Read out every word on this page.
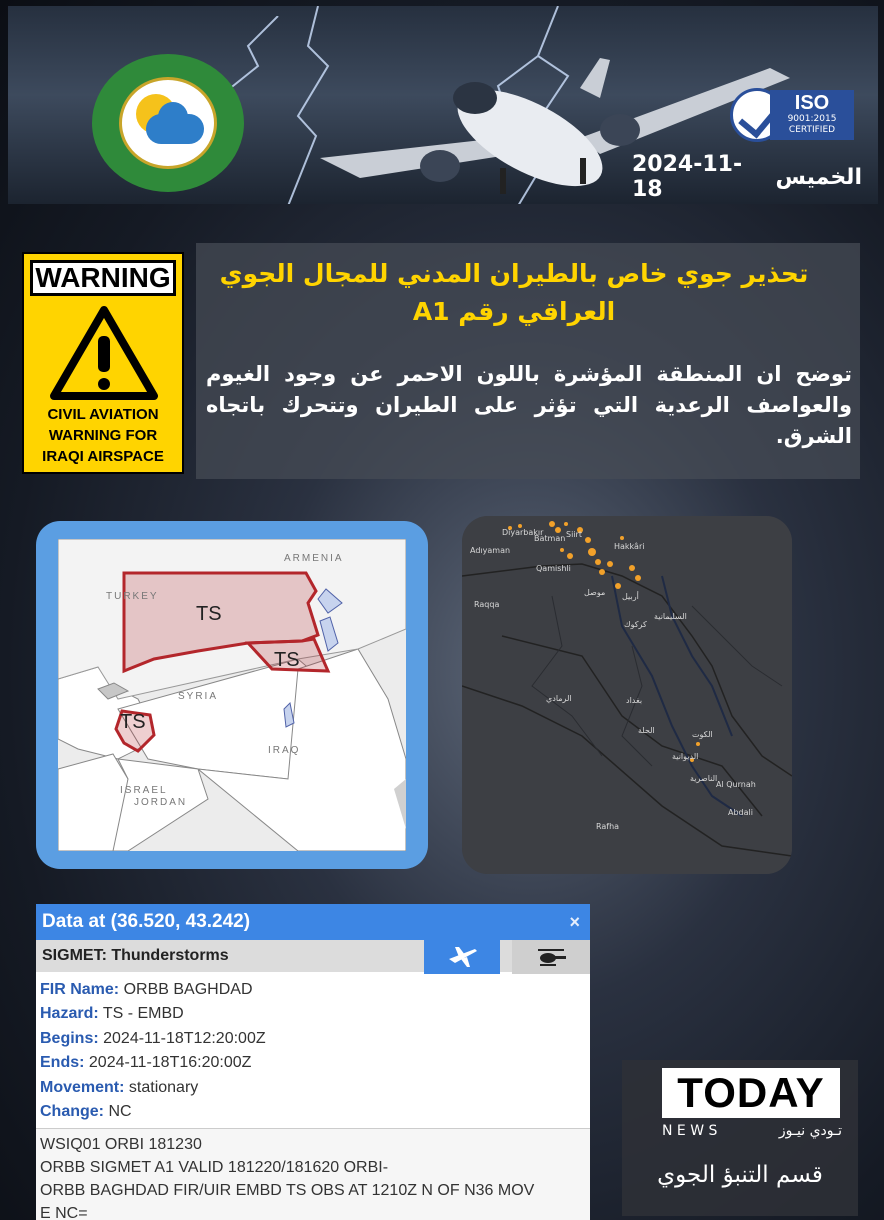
ISO
9001:2015
CERTIFIED
الخميس
2024-11-18
WARNING
CIVIL AVIATION
WARNING FOR
IRAQI AIRSPACE
تحذير جوي خاص بالطيران المدني للمجال الجوي
العراقي رقم A1
توضح ان المنطقة المؤشرة باللون الاحمر عن وجود الغيوم والعواصف الرعدية التي تؤثر على الطيران وتتحرك باتجاه الشرق.
TURKEY
ARMENIA
SYRIA
IRAQ
ISRAEL
JORDAN
TS
TS
TS
Diyarbakır
Batman Siirt
Hakkâri
Adıyaman
Qamishli
Raqqa
موصل أربيل
كركوك
السليمانية
بغداد
الرمادي
الحلة	الكوت
الديوانية
الناصرية
Al Qurnah
Abdali
Rafha
Data at (36.520, 43.242)	×
SIGMET: Thunderstorms
FIR Name: ORBB BAGHDAD
Hazard: TS - EMBD
Begins: 2024-11-18T12:20:00Z
Ends: 2024-11-18T16:20:00Z
Movement: stationary
Change: NC
WSIQ01 ORBI 181230
ORBB SIGMET A1 VALID 181220/181620 ORBI-
ORBB BAGHDAD FIR/UIR EMBD TS OBS AT 1210Z N OF N36 MOV
E NC=
TODAY
N E W S	تـودي نيـوز
قسم التنبؤ الجوي
